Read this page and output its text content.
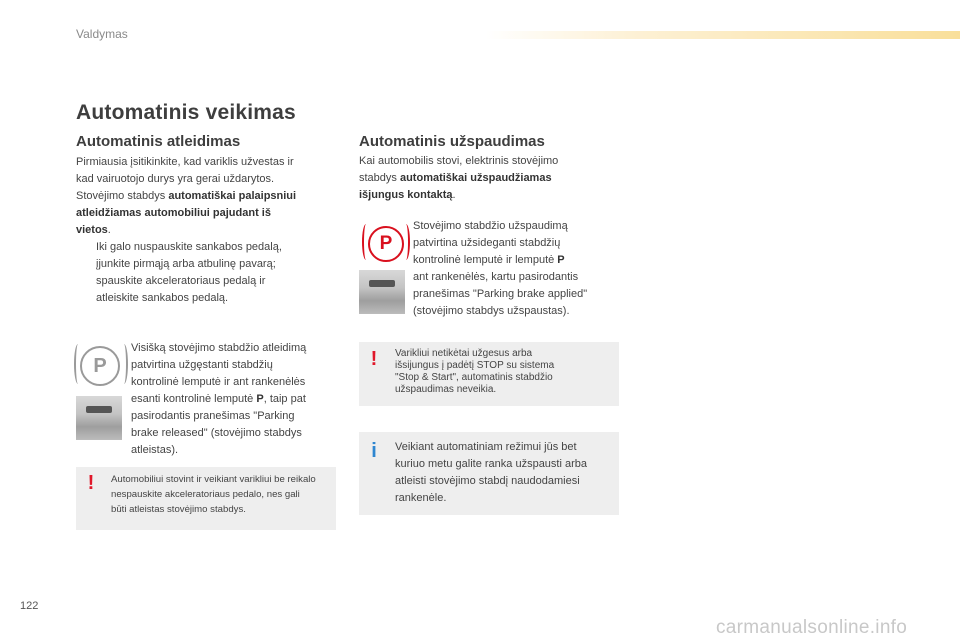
Valdymas
Automatinis veikimas
Automatinis atleidimas
Pirmiausia įsitikinkite, kad variklis užvestas ir
kad vairuotojo durys yra gerai uždarytos.
Stovėjimo stabdys automatiškai palaipsniui
atleidžiamas automobiliui pajudant iš
vietos.
Iki galo nuspauskite sankabos pedalą,
įjunkite pirmąją arba atbulinę pavarą;
spauskite akceleratoriaus pedalą ir
atleiskite sankabos pedalą.
P
Visišką stovėjimo stabdžio atleidimą
patvirtina užgęstanti stabdžių
kontrolinė lemputė ir ant rankenėlės
esanti kontrolinė lemputė P, taip pat
pasirodantis pranešimas "Parking
brake released" (stovėjimo stabdys
atleistas).
!	Automobiliui stovint ir veikiant varikliui be reikalo
nespauskite akceleratoriaus pedalo, nes gali
būti atleistas stovėjimo stabdys.
Automatinis užspaudimas
Kai automobilis stovi, elektrinis stovėjimo
stabdys automatiškai užspaudžiamas
išjungus kontaktą.
P
Stovėjimo stabdžio užspaudimą
patvirtina užsideganti stabdžių
kontrolinė lemputė ir lemputė P
ant rankenėlės, kartu pasirodantis
pranešimas "Parking brake applied"
(stovėjimo stabdys užspaustas).
!	Varikliui netikėtai užgesus arba
išsijungus į padėtį STOP su sistema
"Stop & Start", automatinis stabdžio
užspaudimas neveikia.
i	Veikiant automatiniam režimui jūs bet
kuriuo metu galite ranka užspausti arba
atleisti stovėjimo stabdį naudodamiesi
rankenėle.
122
carmanualsonline.info
